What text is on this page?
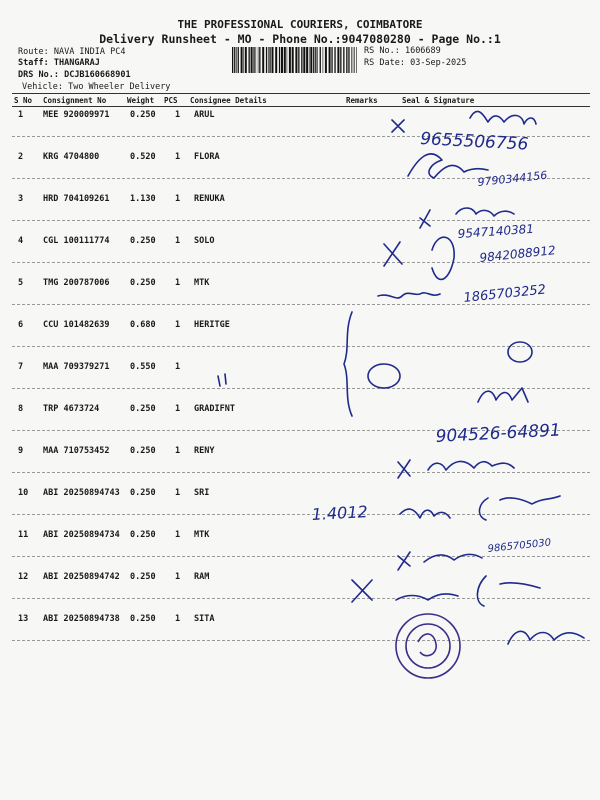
THE PROFESSIONAL COURIERS, COIMBATORE
Delivery Runsheet - MO - Phone No.:9047080280 - Page No.:1
Route: NAVA INDIA PC4
Staff: THANGARAJ
DRS No.: DCJB160668901
Vehicle: Two Wheeler Delivery
RS No.: 1606689
RS Date: 03-Sep-2025
S No Consignment No	Weight PCS Consignee Details	Remarks	Seal & Signature
1 MEE 920009971 0.250 1 ARUL
2 KRG 4704800	0.520 1 FLORA
3 HRD 704109261 1.130 1 RENUKA
4 CGL 100111774 0.250 1 SOLO
5 TMG 200787006 0.250 1 MTK
6 CCU 101482639 0.680 1 HERITGE
7 MAA 709379271 0.550 1
8 TRP 4673724	0.250 1 GRADIFNT
9 MAA 710753452 0.250 1 RENY
10 ABI 20250894743 0.250 1 SRI
11 ABI 20250894734 0.250 1 MTK
12 ABI 20250894742 0.250 1 RAM
13 ABI 20250894738 0.250 1 SITA
9655506756
9790344156
9547140381
9842088912
1865703252
904526-64891
9865705030
1.4012
